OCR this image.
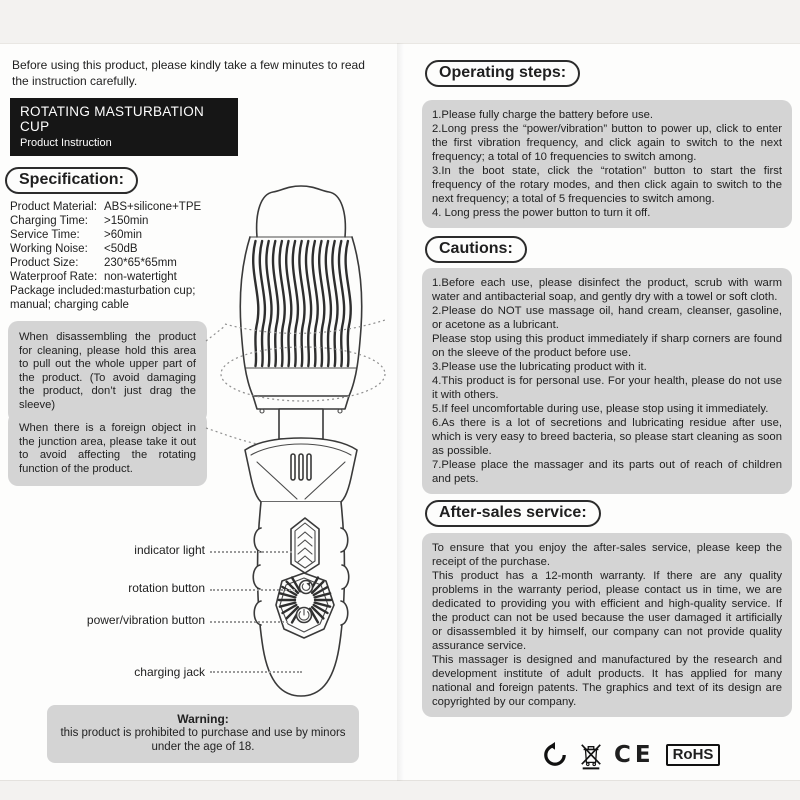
Before using this product, please kindly take a few minutes to read the instruction carefully.
ROTATING MASTURBATION CUP
Product Instruction
Specification:
Product Material: ABS+silicone+TPE
Charging Time: >150min
Service Time: >60min
Working Noise: <50dB
Product Size: 230*65*65mm
Waterproof Rate: non-watertight
Package included:masturbation cup;
manual; charging cable
When disassembling the product for cleaning, please hold this area to pull out the whole upper part of the product. (To avoid damaging the product, don’t just drag the sleeve)
When there is a foreign object in the junction area, please take it out to avoid affecting the rotating function of the product.
indicator light
rotation button
power/vibration button
charging jack
Warning:
this product is prohibited to purchase and use by minors under the age of 18.
Operating steps:
1.Please fully charge the battery before use.
2.Long press the “power/vibration” button to power up, click to enter the first vibration frequency, and click again to switch to the next frequency; a total of 10 frequencies to switch among.
3.In the boot state, click the “rotation” button to start the first frequency of the rotary modes, and then click again to switch to the next frequency; a total of 5 frequencies to switch among.
4. Long press the power button to turn it off.
Cautions:
1.Before each use, please disinfect the product, scrub with warm water and antibacterial soap, and gently dry with a towel or soft cloth.
2.Please do NOT use massage oil, hand cream, cleanser, gasoline, or acetone as a lubricant.
Please stop using this product immediately if sharp corners are found on the sleeve of the product before use.
3.Please use the lubricating product with it.
4.This product is for personal use. For your health, please do not use it with others.
5.If feel uncomfortable during use, please stop using it immediately.
6.As there is a lot of secretions and lubricating residue after use, which is very easy to breed bacteria, so please start cleaning as soon as possible.
7.Please place the massager and its parts out of reach of children and pets.
After-sales service:
To ensure that you enjoy the after-sales service, please keep the receipt of the purchase.
This product has a 12-month warranty. If there are any quality problems in the warranty period, please contact us in time, we are dedicated to providing you with efficient and high-quality service. If the product can not be used because the user damaged it artificially or disassembled it by himself, our company can not provide quality assurance service.
This massager is designed and manufactured by the research and development institute of adult products. It has applied for many national and foreign patents. The graphics and text of its design are copyrighted by our company.
CE	RoHS
